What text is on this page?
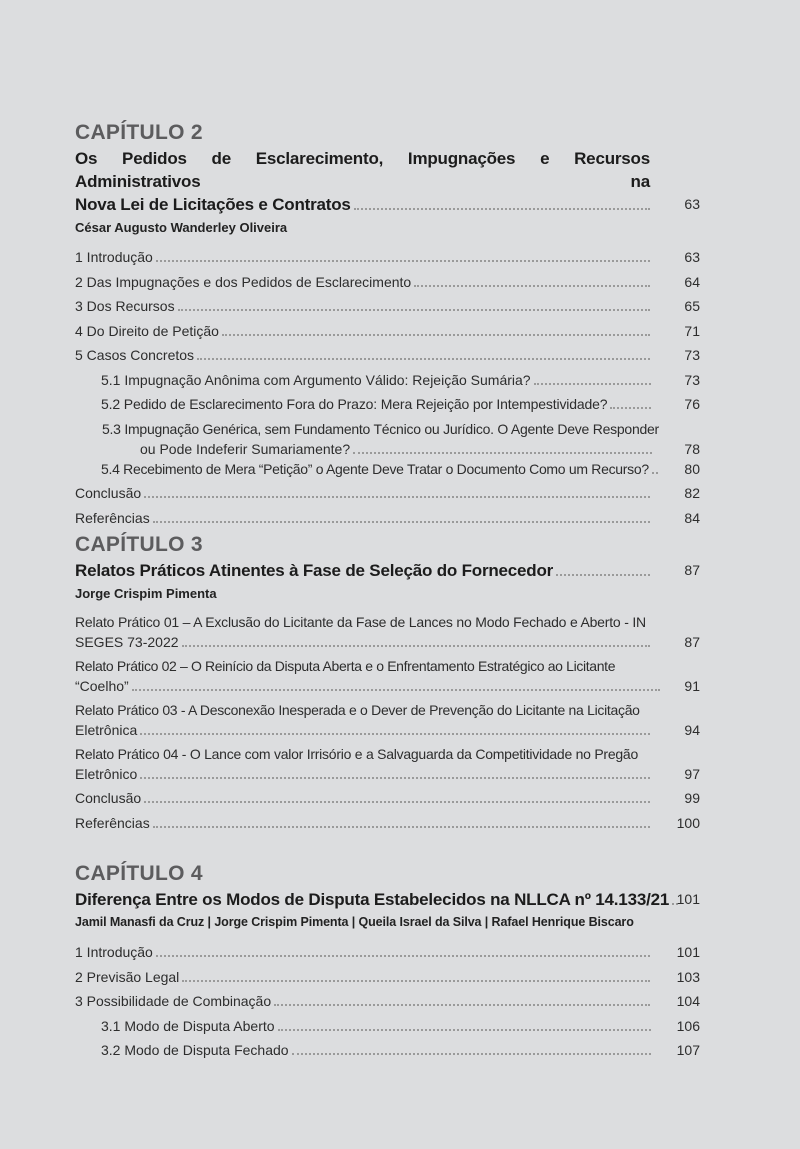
CAPÍTULO 2

Os Pedidos de Esclarecimento, Impugnações e Recursos Administrativos na

Nova Lei de Licitações e Contratos	63
César Augusto Wanderley Oliveira
1 Introdução	63
2 Das Impugnações e dos Pedidos de Esclarecimento	64
3 Dos Recursos	65
4 Do Direito de Petição	71
5 Casos Concretos	73
5.1 Impugnação Anônima com Argumento Válido: Rejeição Sumária?	73
5.2 Pedido de Esclarecimento Fora do Prazo: Mera Rejeição por Intempestividade?	76
5.3 Impugnação Genérica, sem Fundamento Técnico ou Jurídico. O Agente Deve Responder
ou Pode Indeferir Sumariamente?	78
5.4 Recebimento de Mera “Petição” o Agente Deve Tratar o Documento Como um Recurso?	80
Conclusão	82
Referências	84
CAPÍTULO 3
Relatos Práticos Atinentes à Fase de Seleção do Fornecedor	87
Jorge Crispim Pimenta
Relato Prático 01 – A Exclusão do Licitante da Fase de Lances no Modo Fechado e Aberto - IN
SEGES 73-2022	87
Relato Prático 02 – O Reinício da Disputa Aberta e o Enfrentamento Estratégico ao Licitante
“Coelho”	91
Relato Prático 03 - A Desconexão Inesperada e o Dever de Prevenção do Licitante na Licitação
Eletrônica	94
Relato Prático 04 - O Lance com valor Irrisório e a Salvaguarda da Competitividade no Pregão
Eletrônico	97
Conclusão	99
Referências	100
CAPÍTULO 4
Diferença Entre os Modos de Disputa Estabelecidos na NLLCA nº 14.133/21 101
Jamil Manasfi da Cruz | Jorge Crispim Pimenta | Queila Israel da Silva | Rafael Henrique Biscaro
1 Introdução	101
2 Previsão Legal	103
3 Possibilidade de Combinação	104
3.1 Modo de Disputa Aberto	106
3.2 Modo de Disputa Fechado	107
